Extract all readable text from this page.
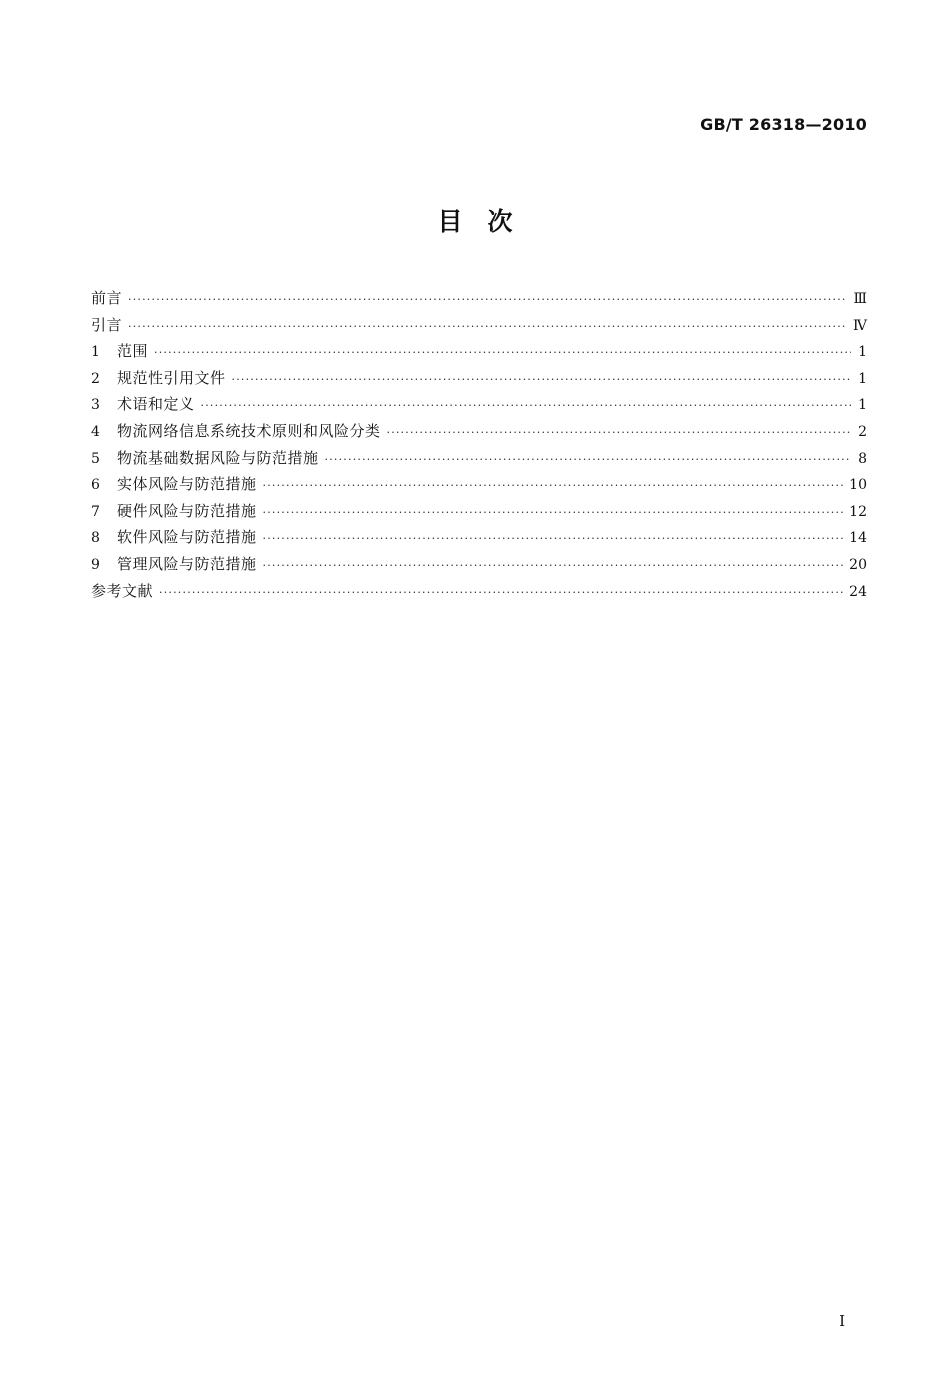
GB/T 26318—2010
目　次
前言 ·····	Ⅲ
引言 ·····	Ⅳ
1	范围 ·····	1
2	规范性引用文件 ·····	1
3	术语和定义 ·····	1
4	物流网络信息系统技术原则和风险分类 ·····	2
5	物流基础数据风险与防范措施 ·····	8
6	实体风险与防范措施 ·····	10
7	硬件风险与防范措施 ·····	12
8	软件风险与防范措施 ·····	14
9	管理风险与防范措施 ·····	20
参考文献 ·····	24
I
